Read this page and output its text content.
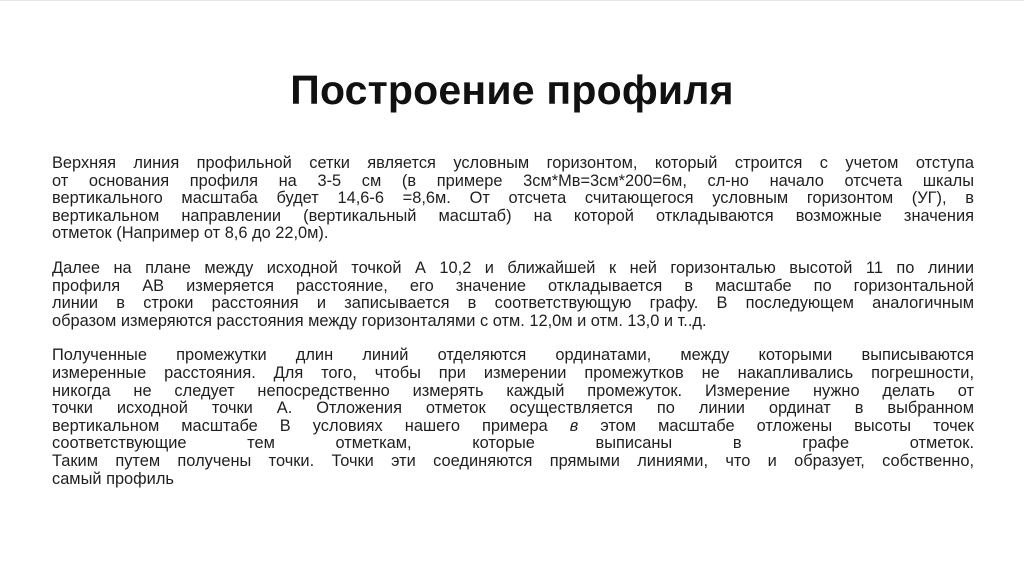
Построение профиля

Верхняя линия профильной сетки является условным горизонтом, который строится с учетом отступа
от основания профиля на 3-5 см (в примере 3см*Мв=3см*200=6м, сл-но начало отсчета шкалы
вертикального масштаба будет 14,6-6 =8,6м. От отсчета считающегося условным горизонтом (УГ), в
вертикальном направлении (вертикальный масштаб) на которой откладываются возможные значения
отметок (Например от 8,6 до 22,0м).

Далее на плане между исходной точкой А 10,2 и ближайшей к ней горизонталью высотой 11 по линии
профиля АВ измеряется расстояние, его значение откладывается в масштабе по горизонтальной
линии в строки расстояния и записывается в соответствующую графу. В последующем аналогичным
образом измеряются расстояния между горизонталями с отм. 12,0м и отм. 13,0 и т..д.

Полученные промежутки длин линий отделяются ординатами, между которыми выписываются
измеренные расстояния. Для того, чтобы при измерении промежутков не накапливались погрешности,
никогда не следует непосредственно измерять каждый промежуток. Измерение нужно делать от
точки исходной точки А. Отложения отметок осуществляется по линии ординат в выбранном
вертикальном масштабе В условиях нашего примера в этом масштабе отложены высоты точек
соответствующие тем отметкам, которые выписаны в графе отметок.
Таким путем получены точки. Точки эти соединяются прямыми линиями, что и образует, собственно,
самый профиль
